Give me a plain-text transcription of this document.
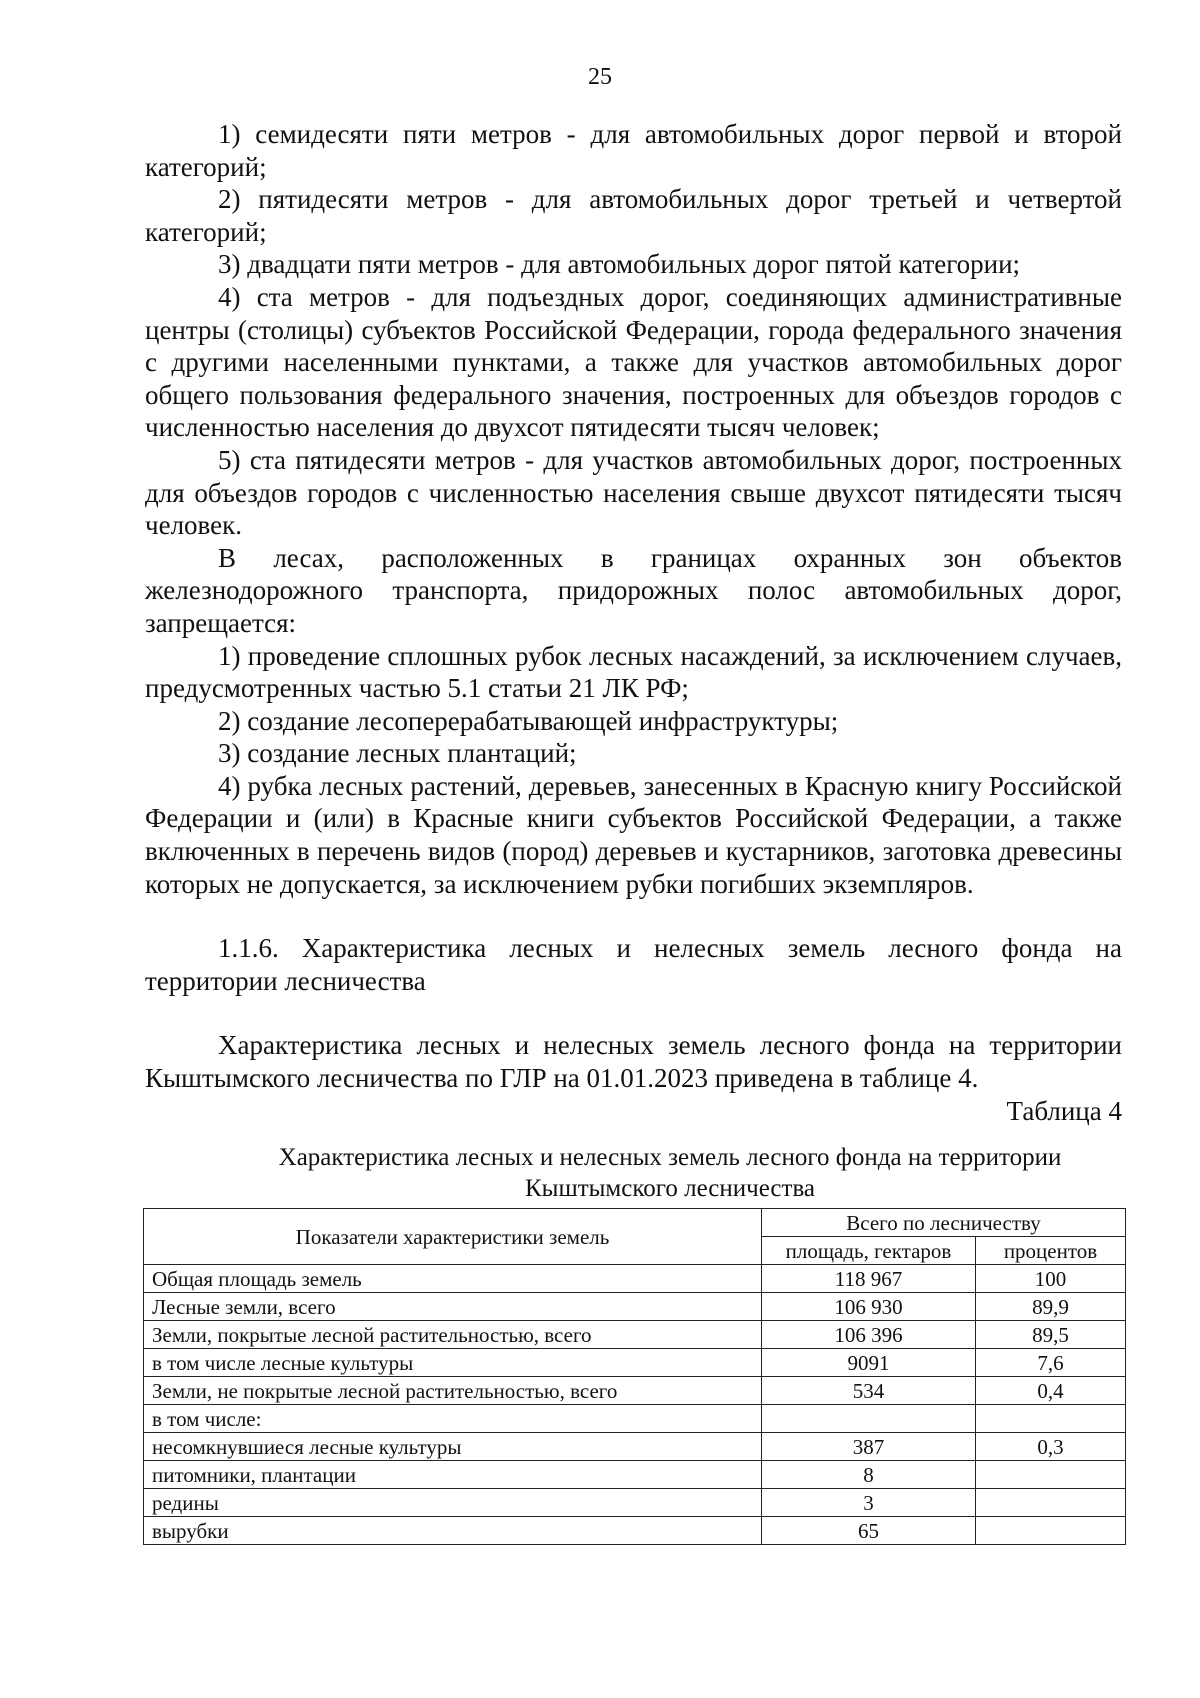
25

1) семидесяти пяти метров - для автомобильных дорог первой и второй категорий;

2) пятидесяти метров - для автомобильных дорог третьей и четвертой категорий;

3) двадцати пяти метров - для автомобильных дорог пятой категории;

4) ста метров - для подъездных дорог, соединяющих административные центры (столицы) субъектов Российской Федерации, города федерального значения с другими населенными пунктами, а также для участков автомобильных дорог общего пользования федерального значения, построенных для объездов городов с численностью населения до двухсот пятидесяти тысяч человек;

5) ста пятидесяти метров - для участков автомобильных дорог, построенных для объездов городов с численностью населения свыше двухсот пятидесяти тысяч человек.

В лесах, расположенных в границах охранных зон объектов железнодорожного транспорта, придорожных полос автомобильных дорог, запрещается:

1) проведение сплошных рубок лесных насаждений, за исключением случаев, предусмотренных частью 5.1 статьи 21 ЛК РФ;

2) создание лесоперерабатывающей инфраструктуры;

3) создание лесных плантаций;

4) рубка лесных растений, деревьев, занесенных в Красную книгу Российской Федерации и (или) в Красные книги субъектов Российской Федерации, а также включенных в перечень видов (пород) деревьев и кустарников, заготовка древесины которых не допускается, за исключением рубки погибших экземпляров.

1.1.6. Характеристика лесных и нелесных земель лесного фонда на территории лесничества

Характеристика лесных и нелесных земель лесного фонда на территории Кыштымского лесничества по ГЛР на 01.01.2023 приведена в таблице 4.

Таблица 4
Характеристика лесных и нелесных земель лесного фонда на территории
Кыштымского лесничества
Показатели характеристики земель	Всего по лесничеству	
	площадь, гектаров	процентов
Общая площадь земель	118 967	100
Лесные земли, всего	106 930	89,9
Земли, покрытые лесной растительностью, всего	106 396	89,5
в том числе лесные культуры	9091	7,6
Земли, не покрытые лесной растительностью, всего	534	0,4
в том числе:		
несомкнувшиеся лесные культуры	387	0,3
питомники, плантации	8	
редины	3	
вырубки	65	
